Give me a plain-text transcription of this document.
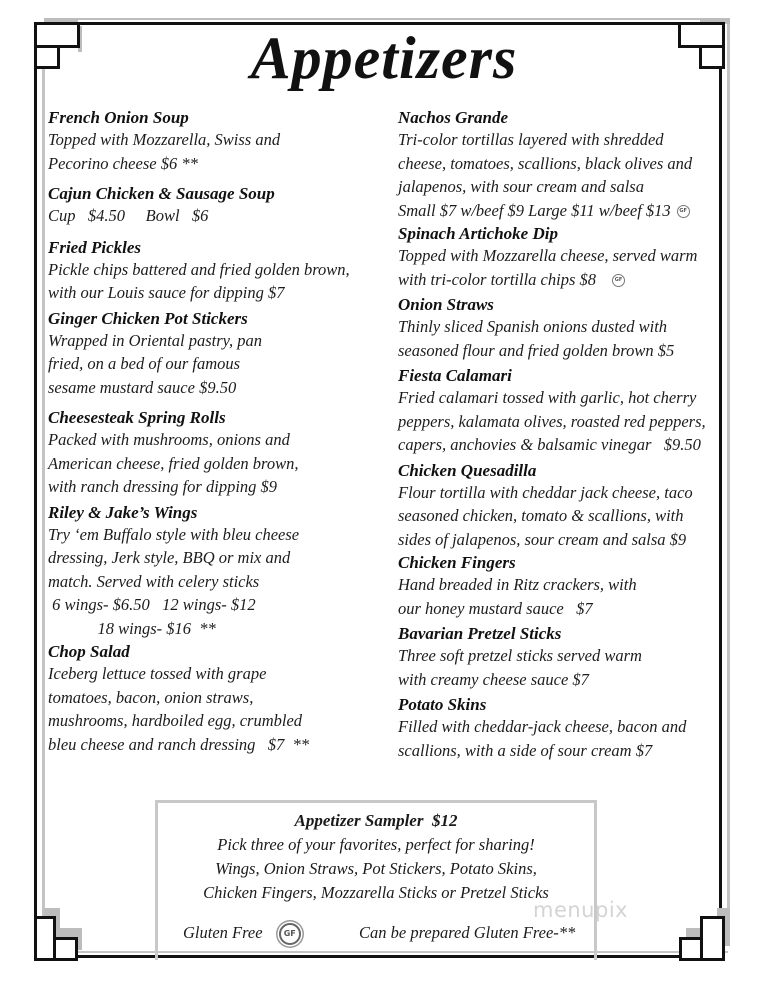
Appetizers
French Onion Soup
Topped with Mozzarella, Swiss and
Pecorino cheese $6 **
Cajun Chicken & Sausage Soup
Cup   $4.50     Bowl   $6
Fried Pickles
Pickle chips battered and fried golden brown,
with our Louis sauce for dipping $7
Ginger Chicken Pot Stickers
Wrapped in Oriental pastry, pan
fried, on a bed of our famous
sesame mustard sauce $9.50
Cheesesteak Spring Rolls
Packed with mushrooms, onions and
American cheese, fried golden brown,
with ranch dressing for dipping $9
Riley & Jake’s Wings
Try ‘em Buffalo style with bleu cheese
dressing, Jerk style, BBQ or mix and
match. Served with celery sticks
6 wings- $6.50   12 wings- $12
18 wings- $16  **
Chop Salad
Iceberg lettuce tossed with grape
tomatoes, bacon, onion straws,
mushrooms, hardboiled egg, crumbled
bleu cheese and ranch dressing   $7  **
Nachos Grande
Tri-color tortillas layered with shredded
cheese, tomatoes, scallions, black olives and
jalapenos, with sour cream and salsa
Small $7 w/beef $9 Large $11 w/beef $13 GF
Spinach Artichoke Dip
Topped with Mozzarella cheese, served warm
with tri-color tortilla chips $8	GF
Onion Straws
Thinly sliced Spanish onions dusted with
seasoned flour and fried golden brown $5
Fiesta Calamari
Fried calamari tossed with garlic, hot cherry
peppers, kalamata olives, roasted red peppers,
capers, anchovies & balsamic vinegar   $9.50
Chicken Quesadilla
Flour tortilla with cheddar jack cheese, taco
seasoned chicken, tomato & scallions, with
sides of jalapenos, sour cream and salsa $9
Chicken Fingers
Hand breaded in Ritz crackers, with
our honey mustard sauce   $7
Bavarian Pretzel Sticks
Three soft pretzel sticks served warm
with creamy cheese sauce $7
Potato Skins
Filled with cheddar-jack cheese, bacon and
scallions, with a side of sour cream $7
Appetizer Sampler  $12
Pick three of your favorites, perfect for sharing!
Wings, Onion Straws, Pot Stickers, Potato Skins,
Chicken Fingers, Mozzarella Sticks or Pretzel Sticks
menupix
Gluten Free	GF	Can be prepared Gluten Free-**
